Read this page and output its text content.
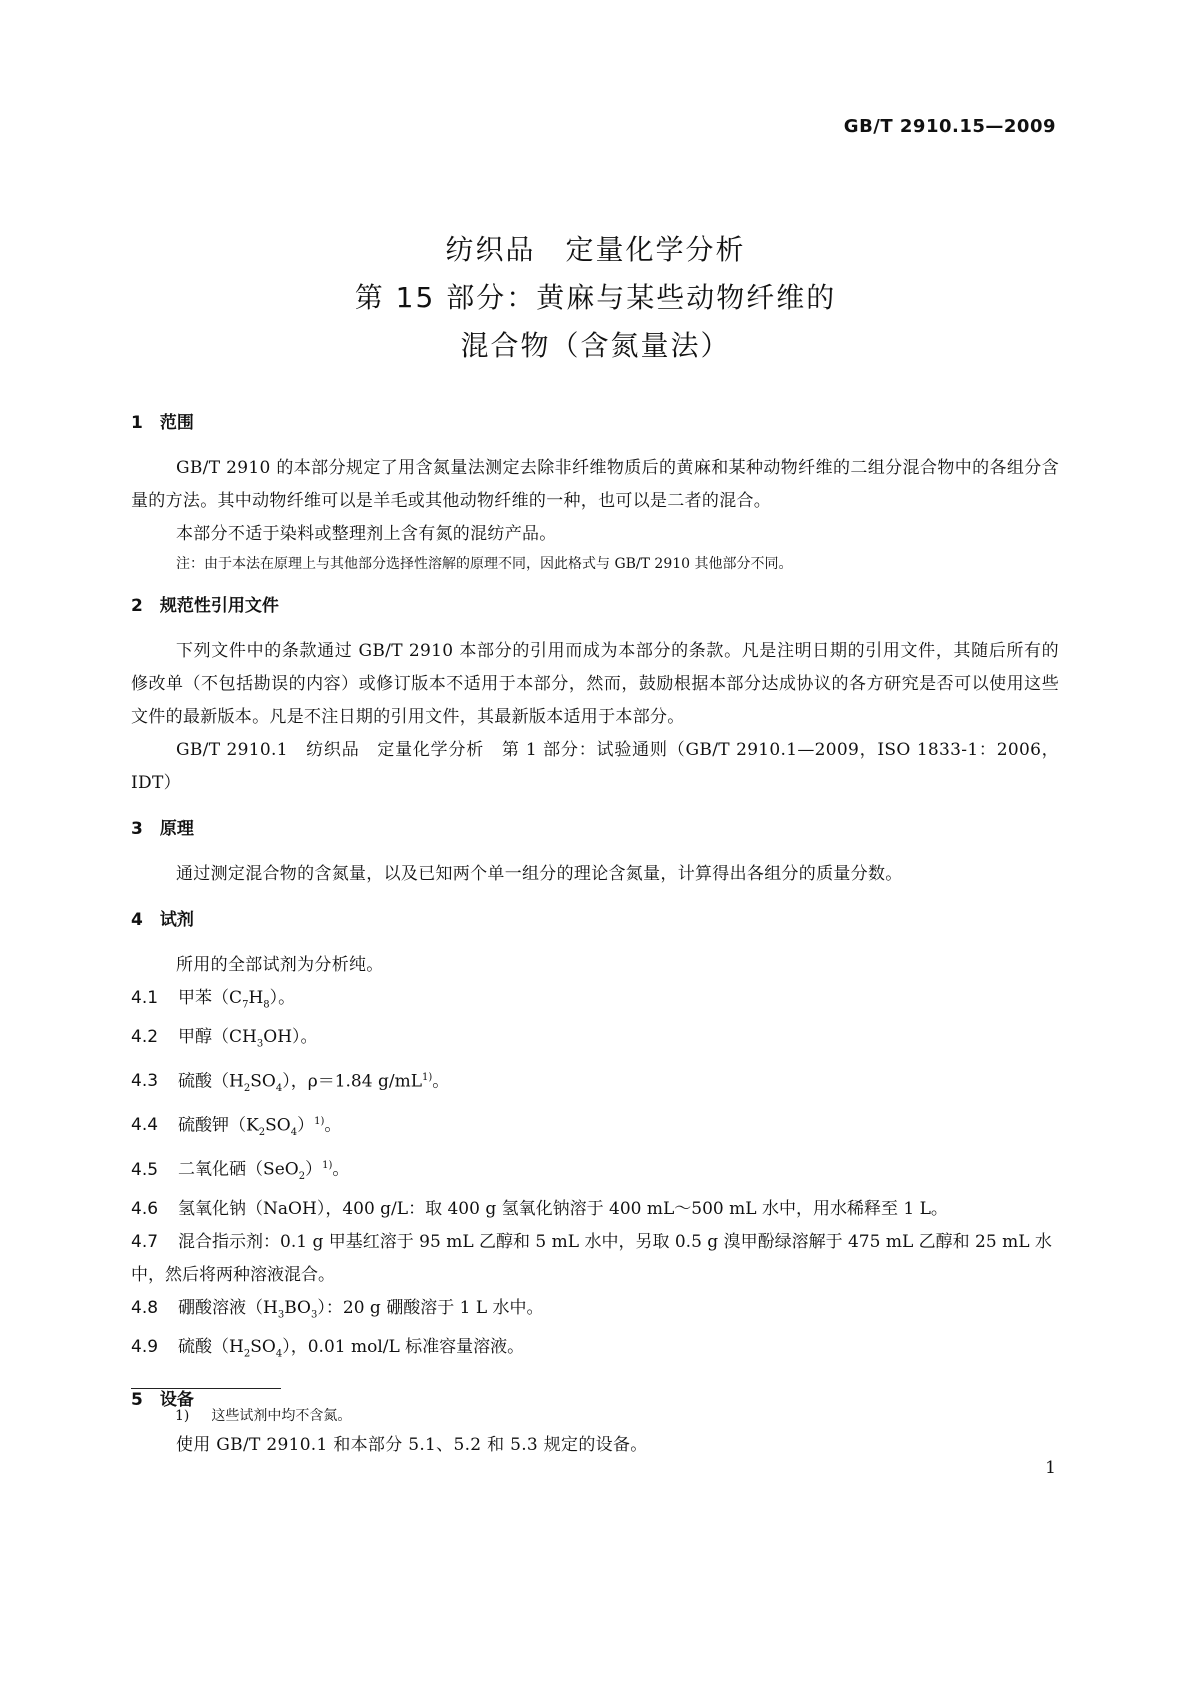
GB/T 2910.15—2009
纺织品　定量化学分析
第 15 部分：黄麻与某些动物纤维的
混合物（含氮量法）
1　范围
GB/T 2910 的本部分规定了用含氮量法测定去除非纤维物质后的黄麻和某种动物纤维的二组分混合物中的各组分含量的方法。其中动物纤维可以是羊毛或其他动物纤维的一种，也可以是二者的混合。
本部分不适于染料或整理剂上含有氮的混纺产品。
注：由于本法在原理上与其他部分选择性溶解的原理不同，因此格式与 GB/T 2910 其他部分不同。
2　规范性引用文件
下列文件中的条款通过 GB/T 2910 本部分的引用而成为本部分的条款。凡是注明日期的引用文件，其随后所有的修改单（不包括勘误的内容）或修订版本不适用于本部分，然而，鼓励根据本部分达成协议的各方研究是否可以使用这些文件的最新版本。凡是不注日期的引用文件，其最新版本适用于本部分。
GB/T 2910.1　纺织品　定量化学分析　第 1 部分：试验通则（GB/T 2910.1—2009，ISO 1833-1：2006，IDT）
3　原理
通过测定混合物的含氮量，以及已知两个单一组分的理论含氮量，计算得出各组分的质量分数。
4　试剂
所用的全部试剂为分析纯。
4.1 甲苯$(C_7H_8)$。
4.2 甲醇$(CH_3OH)$。
4.3 硫酸$(H_2SO_4)$，ρ＝1.84 $g/mL^{1)}$。
4.4 硫酸钾$(K_2SO_4)^{1)}$。
4.5 二氧化硒$(SeO_2)^{1)}$。
4.6 氢氧化钠（NaOH），400 g/L：取 400 g 氢氧化钠溶于 400 mL～500 mL 水中，用水稀释至 1 L。
4.7 混合指示剂：0.1 g 甲基红溶于 95 mL 乙醇和 5 mL 水中，另取 0.5 g 溴甲酚绿溶解于 475 mL 乙醇和 25 mL 水中，然后将两种溶液混合。
4.8 硼酸溶液$(H_3BO_3)$：20 g 硼酸溶于 1 L 水中。
4.9 硫酸$(H_2SO_4)$，0.01 mol/L 标准容量溶液。
5　设备
使用 GB/T 2910.1 和本部分 5.1、5.2 和 5.3 规定的设备。
1) 这些试剂中均不含氮。
1
